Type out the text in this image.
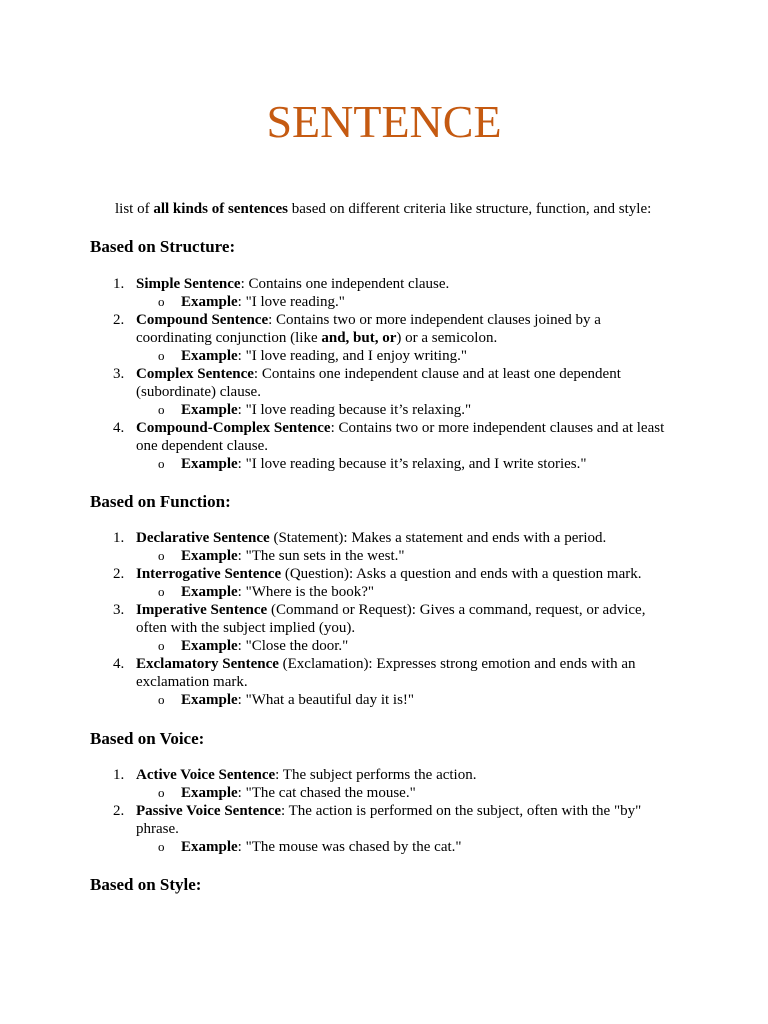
SENTENCE

list of all kinds of sentences based on different criteria like structure, function, and style:

Based on Structure:
1. Simple Sentence: Contains one independent clause.
o Example: "I love reading."
2. Compound Sentence: Contains two or more independent clauses joined by a coordinating conjunction (like and, but, or) or a semicolon.
o Example: "I love reading, and I enjoy writing."
3. Complex Sentence: Contains one independent clause and at least one dependent (subordinate) clause.
o Example: "I love reading because it’s relaxing."
4. Compound-Complex Sentence: Contains two or more independent clauses and at least one dependent clause.
o Example: "I love reading because it’s relaxing, and I write stories."
Based on Function:
1. Declarative Sentence (Statement): Makes a statement and ends with a period.
o Example: "The sun sets in the west."
2. Interrogative Sentence (Question): Asks a question and ends with a question mark.
o Example: "Where is the book?"
3. Imperative Sentence (Command or Request): Gives a command, request, or advice, often with the subject implied (you).
o Example: "Close the door."
4. Exclamatory Sentence (Exclamation): Expresses strong emotion and ends with an exclamation mark.
o Example: "What a beautiful day it is!"
Based on Voice:
1. Active Voice Sentence: The subject performs the action.
o Example: "The cat chased the mouse."
2. Passive Voice Sentence: The action is performed on the subject, often with the "by" phrase.
o Example: "The mouse was chased by the cat."
Based on Style:
